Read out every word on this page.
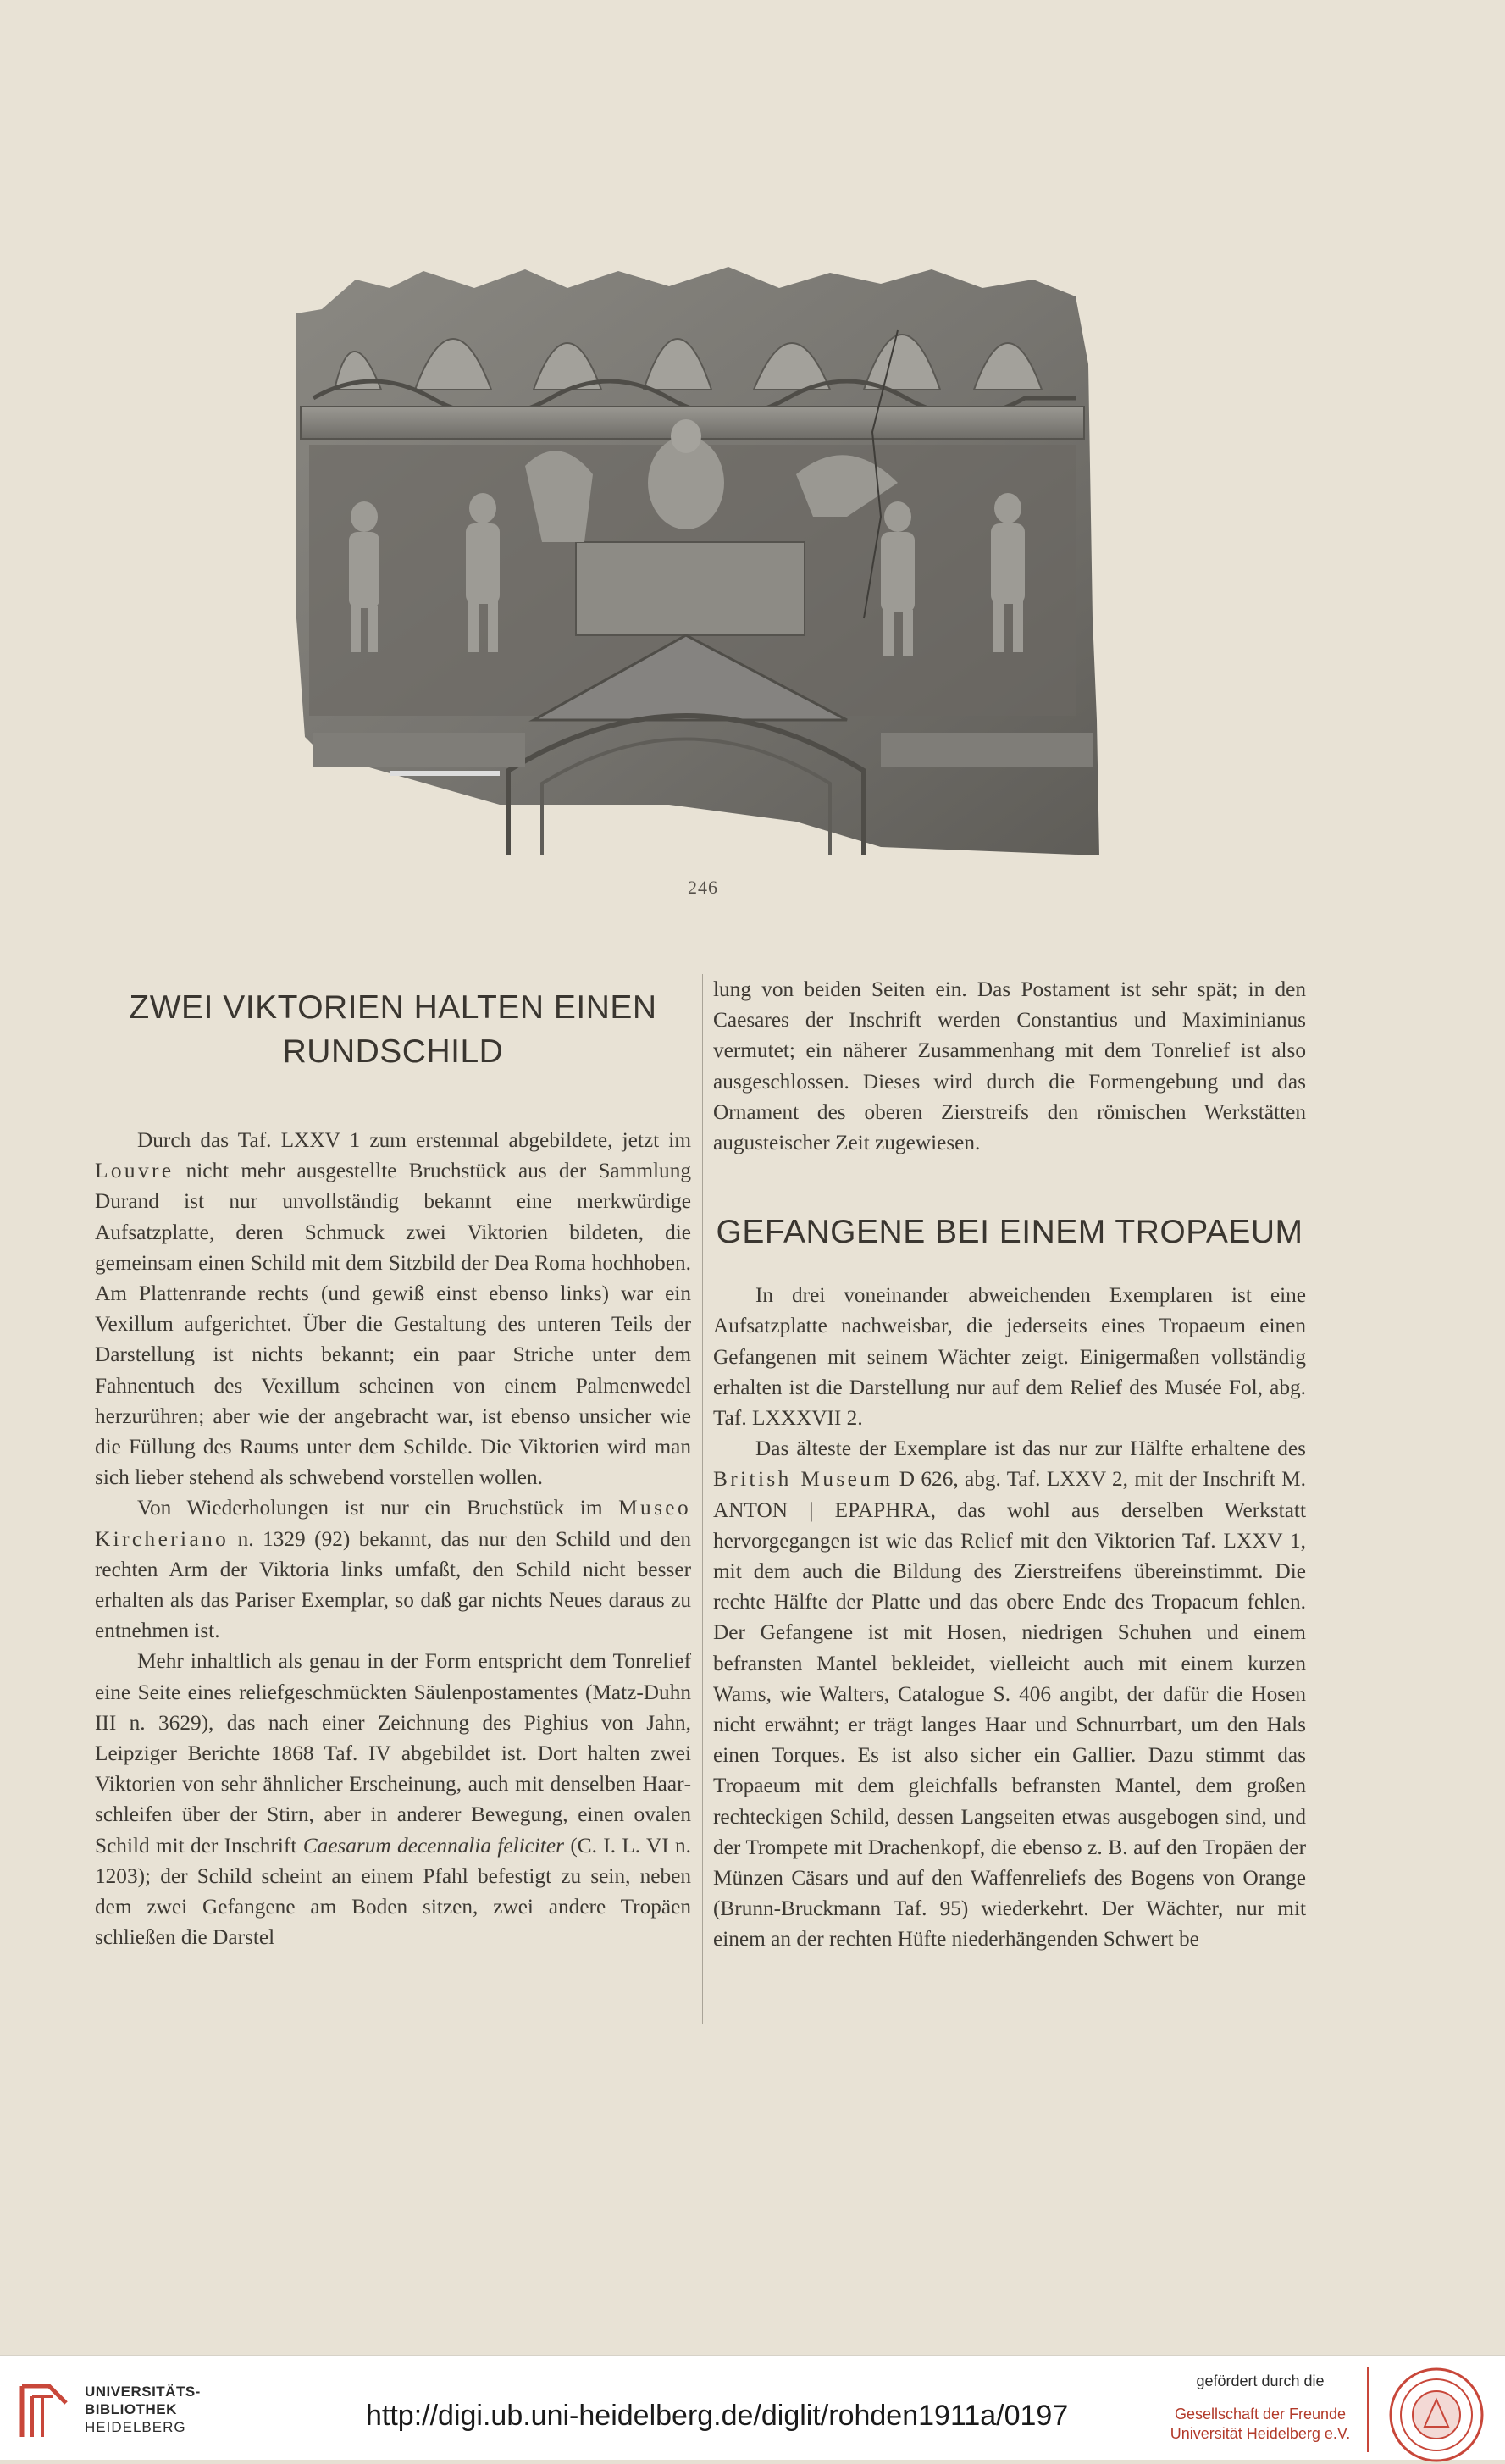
246
ZWEI VIKTORIEN HALTEN EINEN
RUNDSCHILD

Durch das Taf. LXXV 1 zum erstenmal abgebildete, jetzt im Louvre nicht mehr ausgestellte Bruchstück aus der Sammlung Durand ist nur unvollständig bekannt eine merkwürdige Aufsatzplatte, deren Schmuck zwei Viktorien bildeten, die gemeinsam einen Schild mit dem Sitzbild der Dea Roma hochhoben. Am Plattenrande rechts (und gewiß einst ebenso links) war ein Vexillum aufgerichtet. Über die Gestaltung des unteren Teils der Darstellung ist nichts bekannt; ein paar Striche unter dem Fahnentuch des Vexillum scheinen von einem Palmenwedel herzurühren; aber wie der angebracht war, ist ebenso unsicher wie die Füllung des Raums unter dem Schilde. Die Viktorien wird man sich lieber stehend als schwebend vorstellen wollen.

Von Wiederholungen ist nur ein Bruchstück im Museo Kircheriano n. 1329 (92) bekannt, das nur den Schild und den rechten Arm der Viktoria links umfaßt, den Schild nicht besser erhalten als das Pariser Exemplar, so daß gar nichts Neues daraus zu entnehmen ist.

Mehr inhaltlich als genau in der Form entspricht dem Tonrelief eine Seite eines reliefgeschmückten Säulenpostamentes (Matz-Duhn III n. 3629), das nach einer Zeichnung des Pighius von Jahn, Leipziger Berichte 1868 Taf. IV abgebildet ist. Dort halten zwei Viktorien von sehr ähnlicher Erscheinung, auch mit denselben Haarschleifen über der Stirn, aber in anderer Bewegung, einen ovalen Schild mit der Inschrift Caesarum decennalia feliciter (C. I. L. VI n. 1203); der Schild scheint an einem Pfahl befestigt zu sein, neben dem zwei Gefangene am Boden sitzen, zwei andere Tropäen schließen die Darstel

lung von beiden Seiten ein. Das Postament ist sehr spät; in den Caesares der Inschrift werden Constantius und Maximinianus vermutet; ein näherer Zusammenhang mit dem Tonrelief ist also ausgeschlossen. Dieses wird durch die Formengebung und das Ornament des oberen Zierstreifs den römischen Werkstätten augusteischer Zeit zugewiesen.

GEFANGENE BEI EINEM TROPAEUM

In drei voneinander abweichenden Exemplaren ist eine Aufsatzplatte nachweisbar, die jederseits eines Tropaeum einen Gefangenen mit seinem Wächter zeigt. Einigermaßen vollständig erhalten ist die Darstellung nur auf dem Relief des Musée Fol, abg. Taf. LXXXVII 2.

Das älteste der Exemplare ist das nur zur Hälfte erhaltene des British Museum D 626, abg. Taf. LXXV 2, mit der Inschrift M. ANTON | EPAPHRA, das wohl aus derselben Werkstatt hervorgegangen ist wie das Relief mit den Viktorien Taf. LXXV 1, mit dem auch die Bildung des Zierstreifens übereinstimmt. Die rechte Hälfte der Platte und das obere Ende des Tropaeum fehlen. Der Gefangene ist mit Hosen, niedrigen Schuhen und einem befransten Mantel bekleidet, vielleicht auch mit einem kurzen Wams, wie Walters, Catalogue S. 406 angibt, der dafür die Hosen nicht erwähnt; er trägt langes Haar und Schnurrbart, um den Hals einen Torques. Es ist also sicher ein Gallier. Dazu stimmt das Tropaeum mit dem gleichfalls befransten Mantel, dem großen rechteckigen Schild, dessen Langseiten etwas ausgebogen sind, und der Trompete mit Drachenkopf, die ebenso z. B. auf den Tropäen der Münzen Cäsars und auf den Waffenreliefs des Bogens von Orange (Brunn-Bruckmann Taf. 95) wiederkehrt. Der Wächter, nur mit einem an der rechten Hüfte niederhängenden Schwert be

UNIVERSITÄTS-
BIBLIOTHEK
HEIDELBERG	http://digi.ub.uni-heidelberg.de/diglit/rohden1911a/0197
gefördert durch die
Gesellschaft der Freunde
Universität Heidelberg e.V.
